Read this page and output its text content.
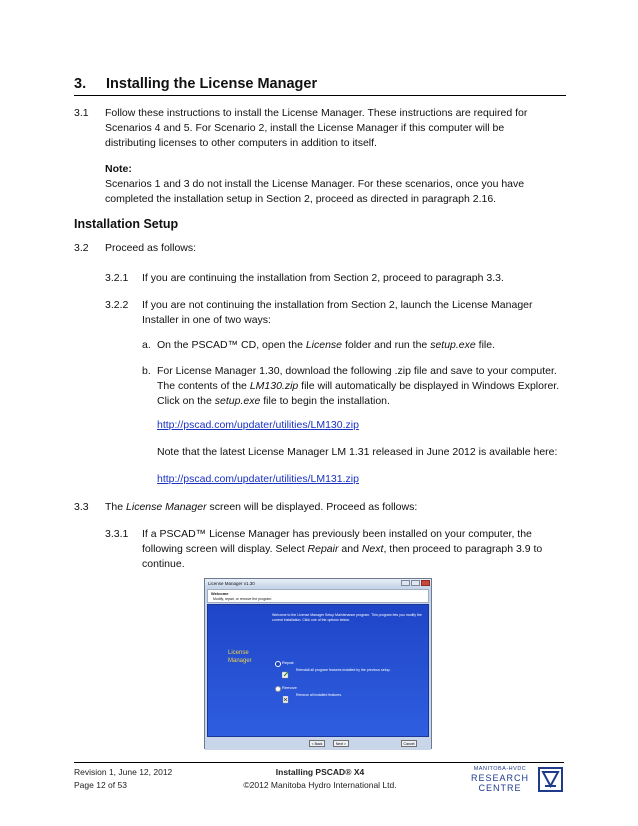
3. Installing the License Manager
3.1 Follow these instructions to install the License Manager. These instructions are required for Scenarios 4 and 5. For Scenario 2, install the License Manager if this computer will be distributing licenses to other computers in addition to itself.
Note:
Scenarios 1 and 3 do not install the License Manager. For these scenarios, once you have completed the installation setup in Section 2, proceed as directed in paragraph 2.16.
Installation Setup
3.2 Proceed as follows:
3.2.1 If you are continuing the installation from Section 2, proceed to paragraph 3.3.
3.2.2 If you are not continuing the installation from Section 2, launch the License Manager Installer in one of two ways:
a. On the PSCAD™ CD, open the License folder and run the setup.exe file.
b. For License Manager 1.30, download the following .zip file and save to your computer.
The contents of the LM130.zip file will automatically be displayed in Windows Explorer.
Click on the setup.exe file to begin the installation.
http://pscad.com/updater/utilities/LM130.zip
Note that the latest License Manager LM 1.31 released in June 2012 is available here:
http://pscad.com/updater/utilities/LM131.zip
3.3 The License Manager screen will be displayed. Proceed as follows:
3.3.1 If a PSCAD™ License Manager has previously been installed on your computer, the
following screen will display. Select Repair and Next, then proceed to paragraph 3.9 to
continue.
License Manager v1.30
Welcome
Modify, repair, or remove the program.
Welcome to the License Manager Setup Maintenance program. This program lets you modify the current installation. Click one of the options below.
License
Manager	Repair
Reinstall all program features installed by the previous setup.
Remove
Remove all installed features.
< Back	Next >	Cancel
Revision 1, June 12, 2012
Page 12 of 53
Installing PSCAD® X4
©2012 Manitoba Hydro International Ltd.
MANITOBA-HVDC
RESEARCH
CENTRE
